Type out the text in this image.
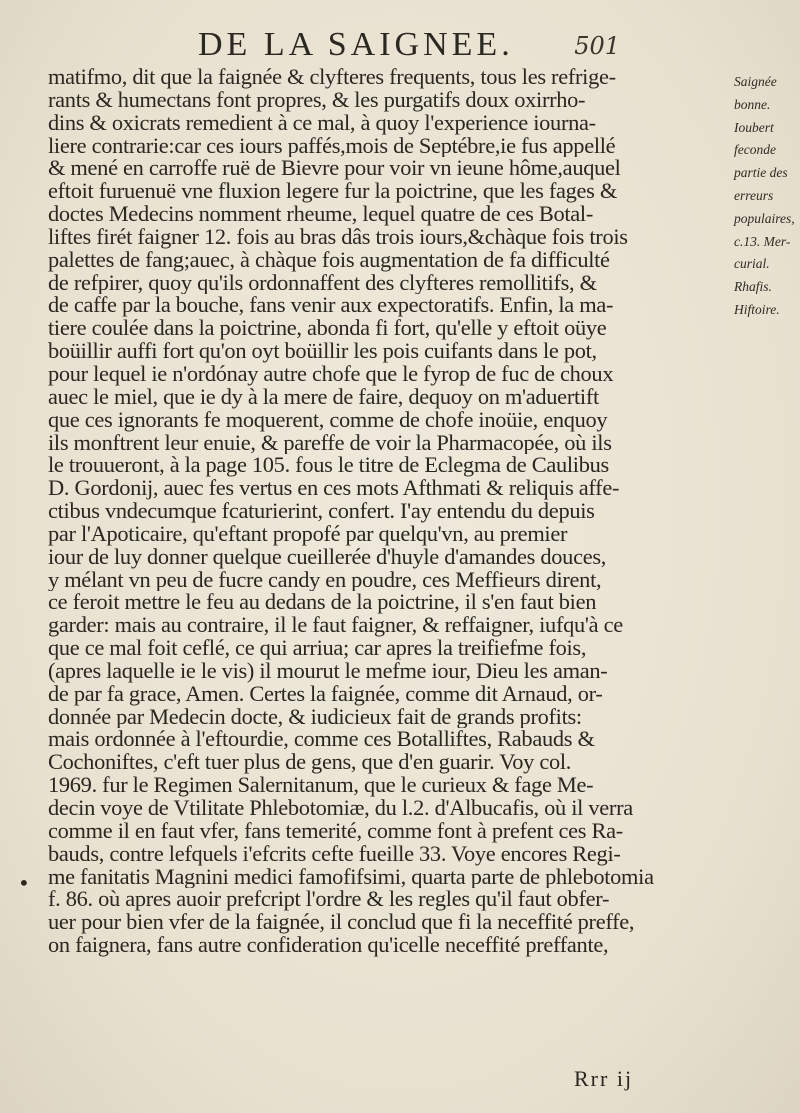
DE LA SAIGNEE.	501
matifmo, dit que la faignée & clyfteres frequents, tous les refrige-
rants & humectans font propres, & les purgatifs doux oxirrho-
dins & oxicrats remedient à ce mal, à quoy l'experience iourna-
liere contrarie:car ces iours paffés,mois de Septébre,ie fus appellé
& mené en carroffe ruë de Bievre pour voir vn ieune hôme,auquel
eftoit furuenuë vne fluxion legere fur la poictrine, que les fages &
doctes Medecins nomment rheume, lequel quatre de ces Botal-
liftes firét faigner 12. fois au bras dâs trois iours,&chàque fois trois
palettes de fang;auec, à chàque fois augmentation de fa difficulté
de refpirer, quoy qu'ils ordonnaffent des clyfteres remollitifs, &
de caffe par la bouche, fans venir aux expectoratifs. Enfin, la ma-
tiere coulée dans la poictrine, abonda fi fort, qu'elle y eftoit oüye
boüillir auffi fort qu'on oyt boüillir les pois cuifants dans le pot,
pour lequel ie n'ordónay autre chofe que le fyrop de fuc de choux
auec le miel, que ie dy à la mere de faire, dequoy on m'aduertift
que ces ignorants fe moquerent, comme de chofe inoüie, enquoy
ils monftrent leur enuie, & pareffe de voir la Pharmacopée, où ils
le trouueront, à la page 105. fous le titre de Eclegma de Caulibus
D. Gordonij, auec fes vertus en ces mots Afthmati & reliquis affe-
ctibus vndecumque fcaturierint, confert. I'ay entendu du depuis
par l'Apoticaire, qu'eftant propofé par quelqu'vn, au premier
iour de luy donner quelque cueillerée d'huyle d'amandes douces,
y mélant vn peu de fucre candy en poudre, ces Meffieurs dirent,
ce feroit mettre le feu au dedans de la poictrine, il s'en faut bien
garder: mais au contraire, il le faut faigner, & reffaigner, iufqu'à ce
que ce mal foit ceflé, ce qui arriua; car apres la treifiefme fois,
(apres laquelle ie le vis) il mourut le mefme iour, Dieu les aman-
de par fa grace, Amen. Certes la faignée, comme dit Arnaud, or-
donnée par Medecin docte, & iudicieux fait de grands profits:
mais ordonnée à l'eftourdie, comme ces Botalliftes, Rabauds &
Cochoniftes, c'eft tuer plus de gens, que d'en guarir. Voy col.
1969. fur le Regimen Salernitanum, que le curieux & fage Me-
decin voye de Vtilitate Phlebotomiæ, du l.2. d'Albucafis, où il verra
comme il en faut vfer, fans temerité, comme font à prefent ces Ra-
bauds, contre lefquels i'efcrits cefte fueille 33. Voye encores Regi-
me fanitatis Magnini medici famofifsimi, quarta parte de phlebotomia
f. 86. où apres auoir prefcript l'ordre & les regles qu'il faut obfer-
uer pour bien vfer de la faignée, il conclud que fi la neceffité preffe,
on faignera, fans autre confideration qu'icelle neceffité preffante,
Saignée
bonne.
Ioubert
feconde
partie des
erreurs
populaires,
c.13. Mer-
curial.
Rhafis.
Hiftoire.
•
Rrr ij
